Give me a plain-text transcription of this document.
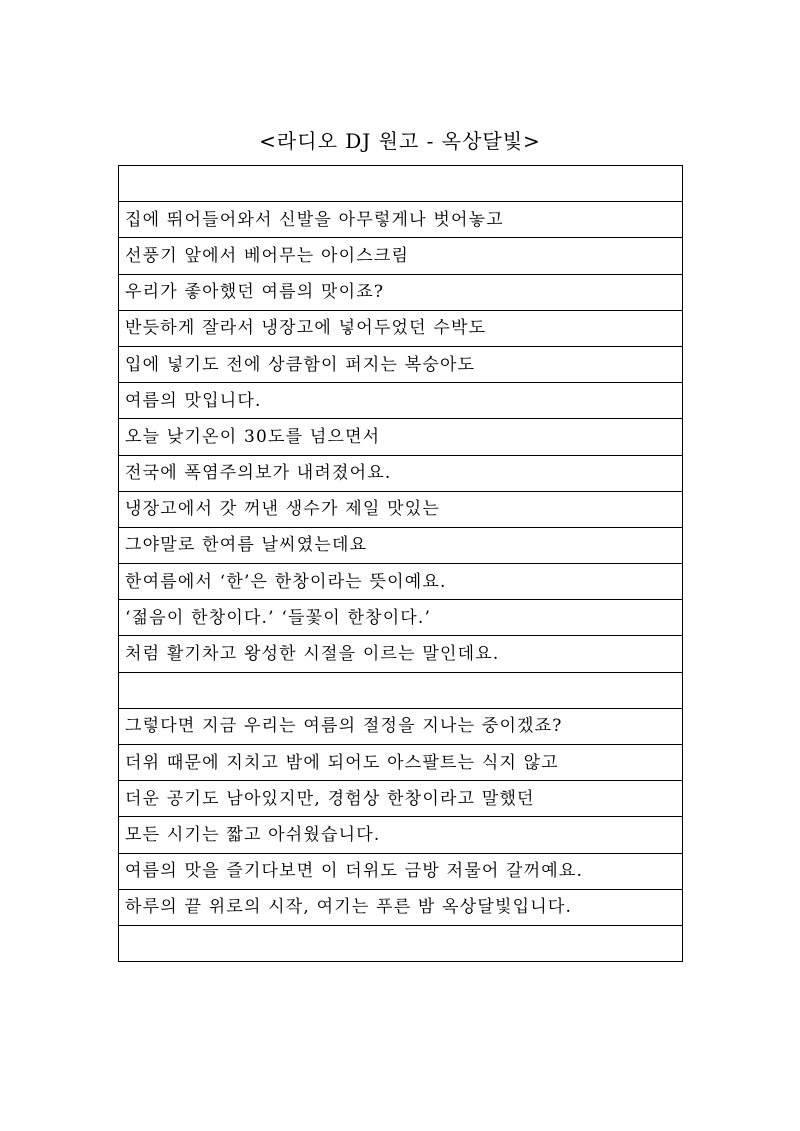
<라디오 DJ 원고 - 옥상달빛>

집에 뛰어들어와서 신발을 아무렇게나 벗어놓고
선풍기 앞에서 베어무는 아이스크림
우리가 좋아했던 여름의 맛이죠?
반듯하게 잘라서 냉장고에 넣어두었던 수박도
입에 넣기도 전에 상큼함이 퍼지는 복숭아도
여름의 맛입니다.
오늘 낮기온이 30도를 넘으면서
전국에 폭염주의보가 내려졌어요.
냉장고에서 갓 꺼낸 생수가 제일 맛있는
그야말로 한여름 날씨였는데요
한여름에서 ‘한’은 한창이라는 뜻이예요.
‘젊음이 한창이다.’ ‘들꽃이 한창이다.’
처럼 활기차고 왕성한 시절을 이르는 말인데요.

그렇다면 지금 우리는 여름의 절정을 지나는 중이겠죠?
더위 때문에 지치고 밤에 되어도 아스팔트는 식지 않고
더운 공기도 남아있지만, 경험상 한창이라고 말했던
모든 시기는 짧고 아쉬웠습니다.
여름의 맛을 즐기다보면 이 더위도 금방 저물어 갈꺼예요.
하루의 끝 위로의 시작, 여기는 푸른 밤 옥상달빛입니다.
